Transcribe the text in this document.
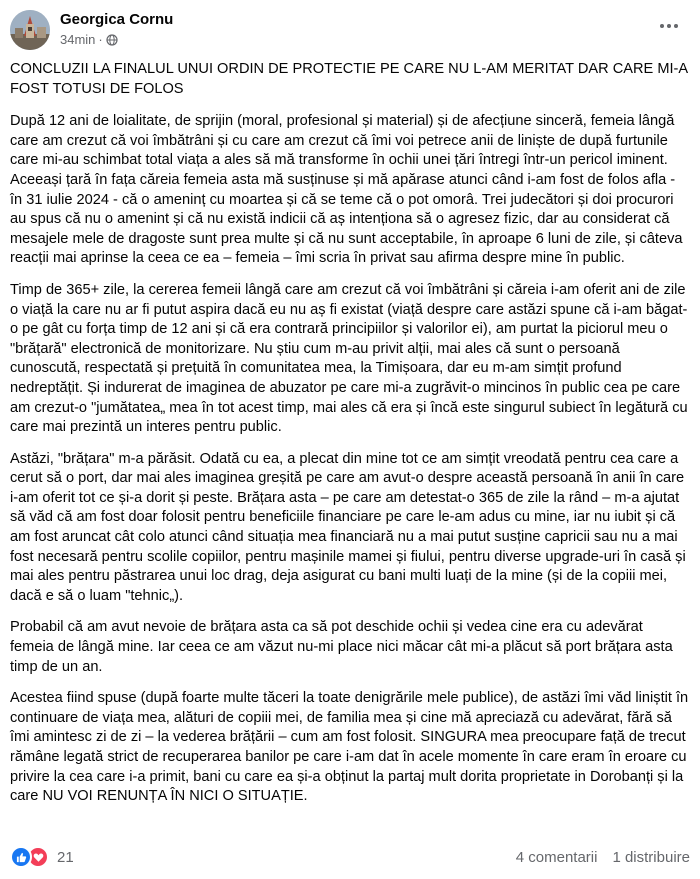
Georgica Cornu
34min ·

CONCLUZII LA FINALUL UNUI ORDIN DE PROTECTIE PE CARE NU L-AM MERITAT DAR CARE MI-A FOST TOTUSI DE FOLOS

După 12 ani de loialitate, de sprijin (moral, profesional și material) și de afecțiune sinceră, femeia lângă care am crezut că voi îmbătrâni și cu care am crezut că îmi voi petrece anii de liniște de după furtunile care mi-au schimbat total viața a ales să mă transforme în ochii unei țări întregi într-un pericol iminent. Aceeași țară în fața căreia femeia asta mă susținuse și mă apărase atunci când i-am fost de folos afla - în 31 iulie 2024 - că o ameninț cu moartea și că se teme că o pot omorâ. Trei judecători și doi procurori au spus că nu o amenint și că nu există indicii că aș intenționa să o agresez fizic, dar au considerat că mesajele mele de dragoste sunt prea multe și că nu sunt acceptabile, în aproape 6 luni de zile, și câteva reacții mai aprinse la ceea ce ea – femeia – îmi scria în privat sau afirma despre mine în public.

Timp de 365+ zile, la cererea femeii lângă care am crezut că voi îmbătrâni și căreia i-am oferit ani de zile o viață la care nu ar fi putut aspira dacă eu nu aș fi existat (viață despre care astăzi spune că i-am băgat-o pe gât cu forța timp de 12 ani și că era contrară principiilor și valorilor ei), am purtat la piciorul meu o "brățară" electronică de monitorizare. Nu știu cum m-au privit alții, mai ales că sunt o persoană cunoscută, respectată și prețuită în comunitatea mea, la Timișoara, dar eu m-am simțit profund nedreptățit. Și indurerat de imaginea de abuzator pe care mi-a zugrăvit-o mincinos în public cea pe care am crezut-o "jumătatea„ mea în tot acest timp, mai ales că era și încă este singurul subiect în legătură cu care mai prezintă un interes pentru public.

Astăzi, "brățara" m-a părăsit. Odată cu ea, a plecat din mine tot ce am simțit vreodată pentru cea care a cerut să o port, dar mai ales imaginea greșită pe care am avut-o despre această persoană în anii în care i-am oferit tot ce și-a dorit și peste. Brățara asta – pe care am detestat-o 365 de zile la rând – m-a ajutat să văd că am fost doar folosit pentru beneficiile financiare pe care le-am adus cu mine, iar nu iubit și că am fost aruncat cât colo atunci când situația mea financiară nu a mai putut susține capricii sau nu a mai fost necesară pentru scolile copiilor, pentru mașinile mamei și fiului, pentru diverse upgrade-uri în casă și mai ales pentru păstrarea unui loc drag, deja asigurat cu bani multi luați de la mine (și de la copiii mei, dacă e să o luam "tehnic„).

Probabil că am avut nevoie de brățara asta ca să pot deschide ochii și vedea cine era cu adevărat femeia de lângă mine. Iar ceea ce am văzut nu-mi place nici măcar cât mi-a plăcut să port brățara asta timp de un an.

Acestea fiind spuse (după foarte multe tăceri la toate denigrările mele publice), de astăzi îmi văd liniștit în continuare de viața mea, alături de copiii mei, de familia mea și cine mă apreciază cu adevărat, fără să îmi amintesc zi de zi – la vederea brățării – cum am fost folosit. SINGURA mea preocupare față de trecut rămâne legată strict de recuperarea banilor pe care i-am dat în acele momente în care eram în eroare cu privire la cea care i-a primit, bani cu care ea și-a obținut la partaj mult dorita proprietate in Dorobanți și la care NU VOI RENUNȚA ÎN NICI O SITUAȚIE.

21	4 comentarii 1 distribuire
